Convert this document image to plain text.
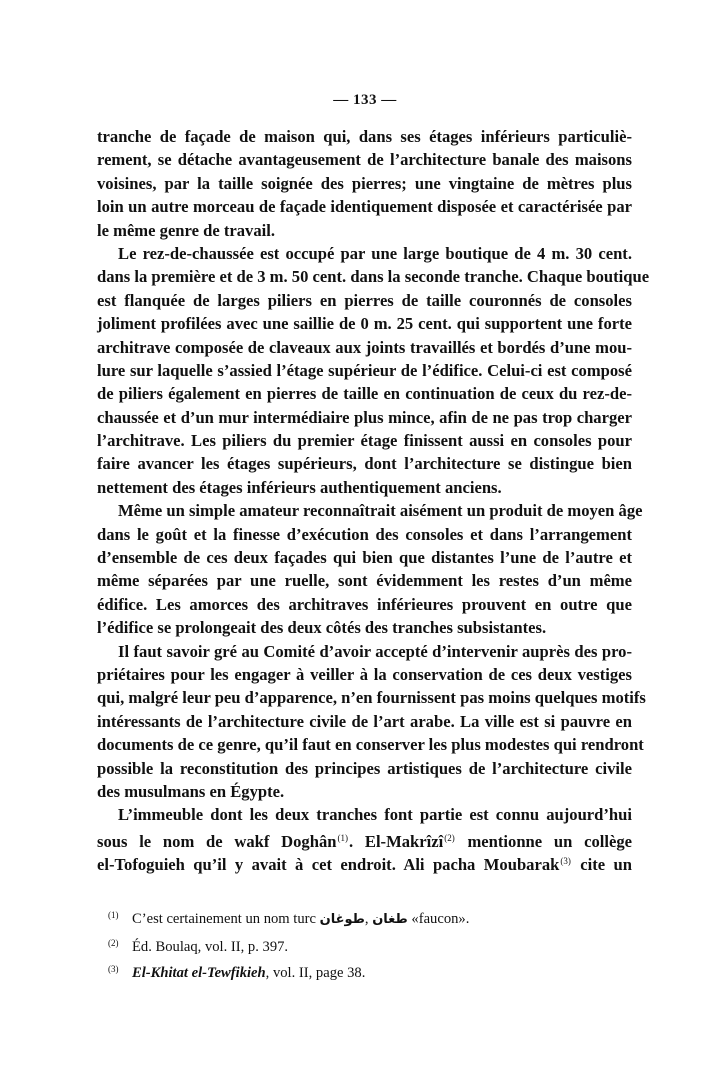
— 133 —
tranche de façade de maison qui, dans ses étages inférieurs particuliè-
rement, se détache avantageusement de l’architecture banale des maisons
voisines, par la taille soignée des pierres; une vingtaine de mètres plus
loin un autre morceau de façade identiquement disposée et caractérisée par
le même genre de travail.
Le rez-de-chaussée est occupé par une large boutique de 4 m. 30 cent.
dans la première et de 3 m. 50 cent. dans la seconde tranche. Chaque boutique
est flanquée de larges piliers en pierres de taille couronnés de consoles
joliment profilées avec une saillie de 0 m. 25 cent. qui supportent une forte
architrave composée de claveaux aux joints travaillés et bordés d’une mou-
lure sur laquelle s’assied l’étage supérieur de l’édifice. Celui-ci est composé
de piliers également en pierres de taille en continuation de ceux du rez-de-
chaussée et d’un mur intermédiaire plus mince, afin de ne pas trop charger
l’architrave. Les piliers du premier étage finissent aussi en consoles pour
faire avancer les étages supérieurs, dont l’architecture se distingue bien
nettement des étages inférieurs authentiquement anciens.
Même un simple amateur reconnaîtrait aisément un produit de moyen âge
dans le goût et la finesse d’exécution des consoles et dans l’arrangement
d’ensemble de ces deux façades qui bien que distantes l’une de l’autre et
même séparées par une ruelle, sont évidemment les restes d’un même
édifice. Les amorces des architraves inférieures prouvent en outre que
l’édifice se prolongeait des deux côtés des tranches subsistantes.
Il faut savoir gré au Comité d’avoir accepté d’intervenir auprès des pro-
priétaires pour les engager à veiller à la conservation de ces deux vestiges
qui, malgré leur peu d’apparence, n’en fournissent pas moins quelques motifs
intéressants de l’architecture civile de l’art arabe. La ville est si pauvre en
documents de ce genre, qu’il faut en conserver les plus modestes qui rendront
possible la reconstitution des principes artistiques de l’architecture civile
des musulmans en Égypte.
L’immeuble dont les deux tranches font partie est connu aujourd’hui
sous le nom de wakf Doghân$^{(1)}$. El-Makrîzî$^{(2)}$ mentionne un collège
el-Tofoguieh qu’il y avait à cet endroit. Ali pacha Moubarak$^{(3)}$ cite un
(1) C’est certainement un nom turc طوغان, طغان «faucon».
(2) Éd. Boulaq, vol. II, p. 397.
(3) El-Khitat el-Tewfikieh, vol. II, page 38.
